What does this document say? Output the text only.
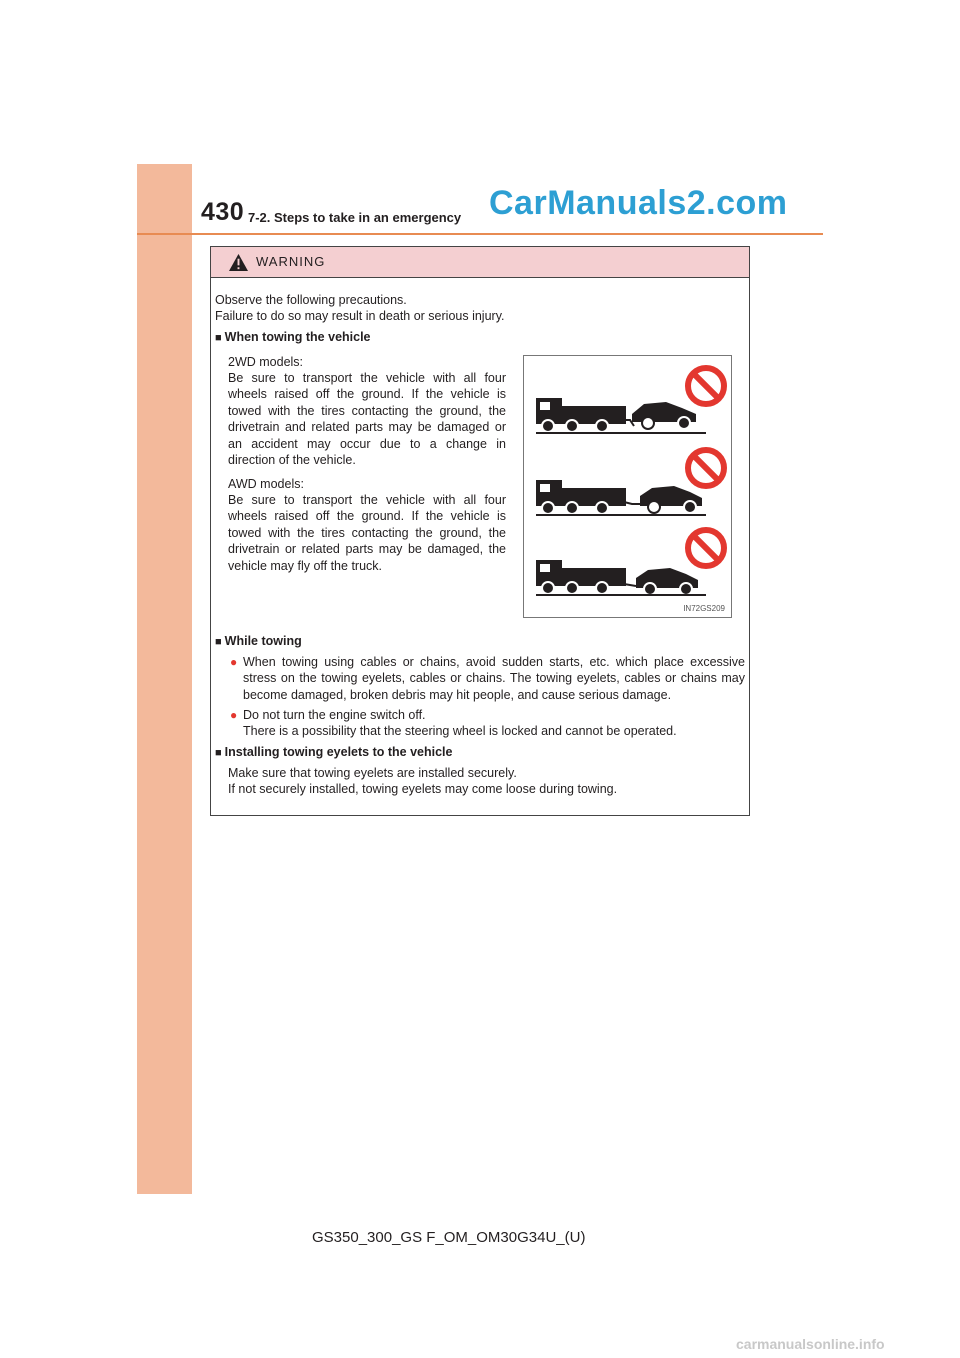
430 7-2. Steps to take in an emergency CarManuals2.com
WARNING
Observe the following precautions.
Failure to do so may result in death or serious injury.
■ When towing the vehicle
2WD models:
Be sure to transport the vehicle with all four wheels raised off the ground. If the vehicle is towed with the tires contacting the ground, the drivetrain and related parts may be damaged or an accident may occur due to a change in direction of the vehicle.
AWD models:
Be sure to transport the vehicle with all four wheels raised off the ground. If the vehicle is towed with the tires contacting the ground, the drivetrain or related parts may be damaged, the vehicle may fly off the truck.
IN72GS209
■ While towing
● When towing using cables or chains, avoid sudden starts, etc. which place excessive stress on the towing eyelets, cables or chains. The towing eyelets, cables or chains may become damaged, broken debris may hit people, and cause serious damage.
● Do not turn the engine switch off.
There is a possibility that the steering wheel is locked and cannot be operated.
■ Installing towing eyelets to the vehicle
Make sure that towing eyelets are installed securely.
If not securely installed, towing eyelets may come loose during towing.
GS350_300_GS F_OM_OM30G34U_(U)
carmanualsonline.info
